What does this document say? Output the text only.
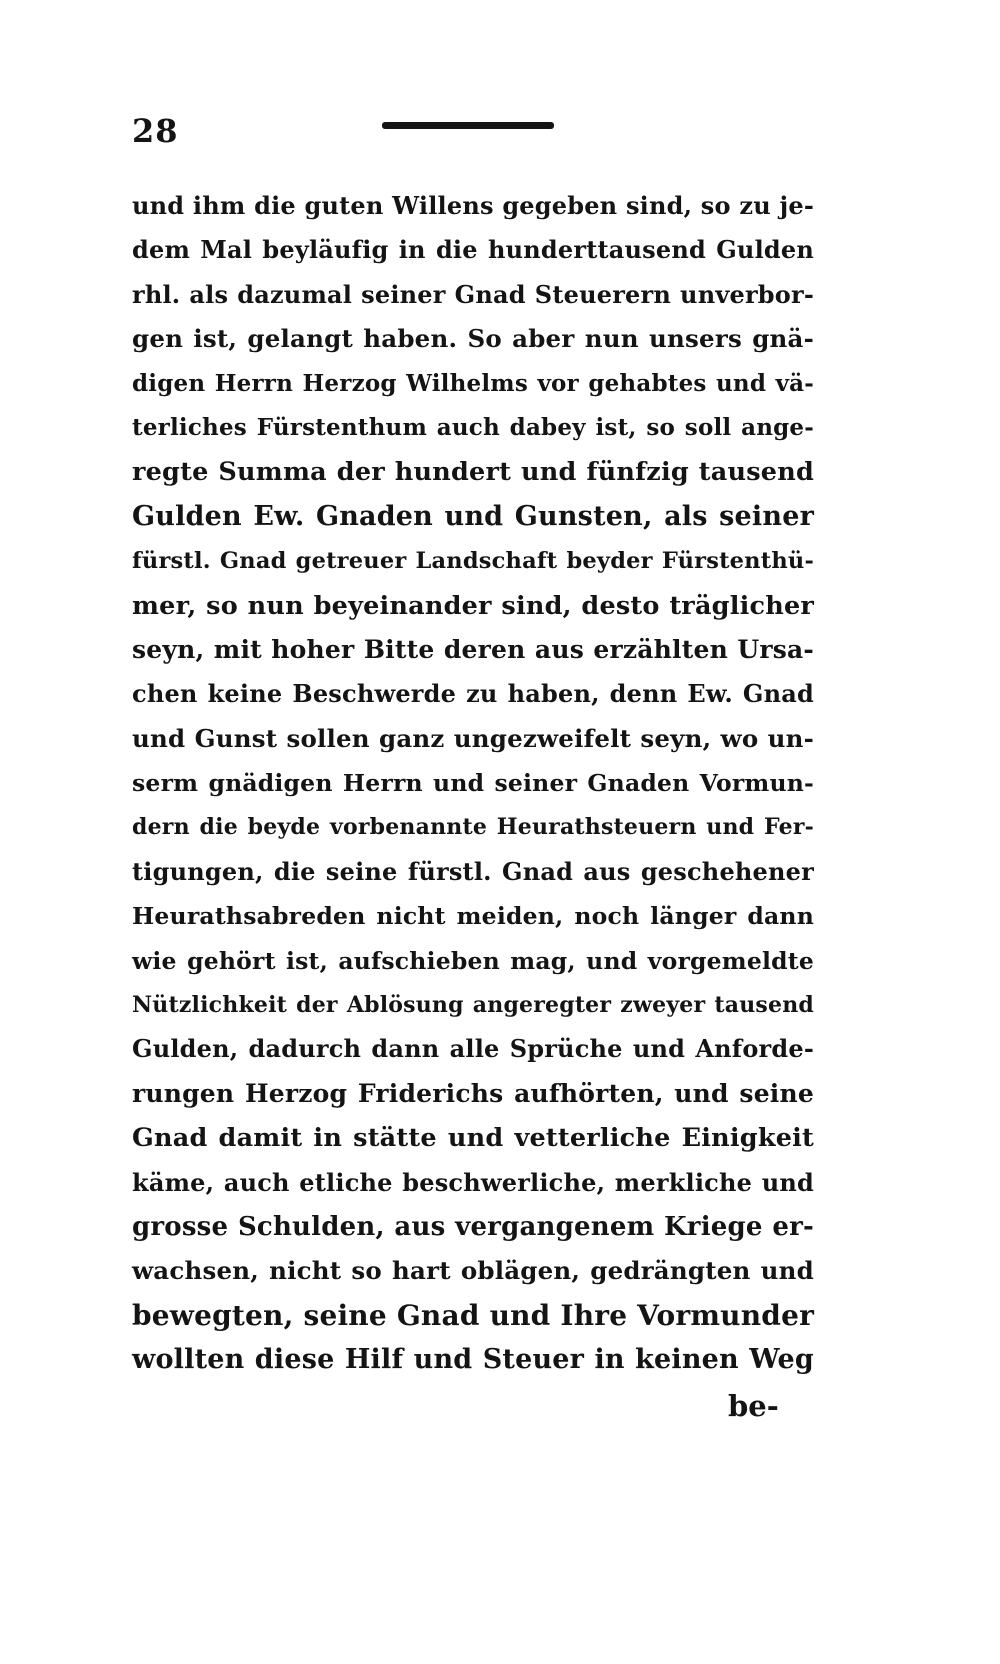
28
und ihm die guten Willens gegeben sind, so zu je-
dem Mal beyläufig in die hunderttausend Gulden
rhl. als dazumal seiner Gnad Steuerern unverbor-
gen ist, gelangt haben. So aber nun unsers gnä-
digen Herrn Herzog Wilhelms vor gehabtes und vä-
terliches Fürstenthum auch dabey ist, so soll ange-
regte Summa der hundert und fünfzig tausend
Gulden Ew. Gnaden und Gunsten, als seiner
fürstl. Gnad getreuer Landschaft beyder Fürstenthü-
mer, so nun beyeinander sind, desto träglicher
seyn, mit hoher Bitte deren aus erzählten Ursa-
chen keine Beschwerde zu haben, denn Ew. Gnad
und Gunst sollen ganz ungezweifelt seyn, wo un-
serm gnädigen Herrn und seiner Gnaden Vormun-
dern die beyde vorbenannte Heurathsteuern und Fer-
tigungen, die seine fürstl. Gnad aus geschehener
Heurathsabreden nicht meiden, noch länger dann
wie gehört ist, aufschieben mag, und vorgemeldte
Nützlichkeit der Ablösung angeregter zweyer tausend
Gulden, dadurch dann alle Sprüche und Anforde-
rungen Herzog Friderichs aufhörten, und seine
Gnad damit in stätte und vetterliche Einigkeit
käme, auch etliche beschwerliche, merkliche und
grosse Schulden, aus vergangenem Kriege er-
wachsen, nicht so hart oblägen, gedrängten und
bewegten, seine Gnad und Ihre Vormunder
wollten diese Hilf und Steuer in keinen Weg
be-
